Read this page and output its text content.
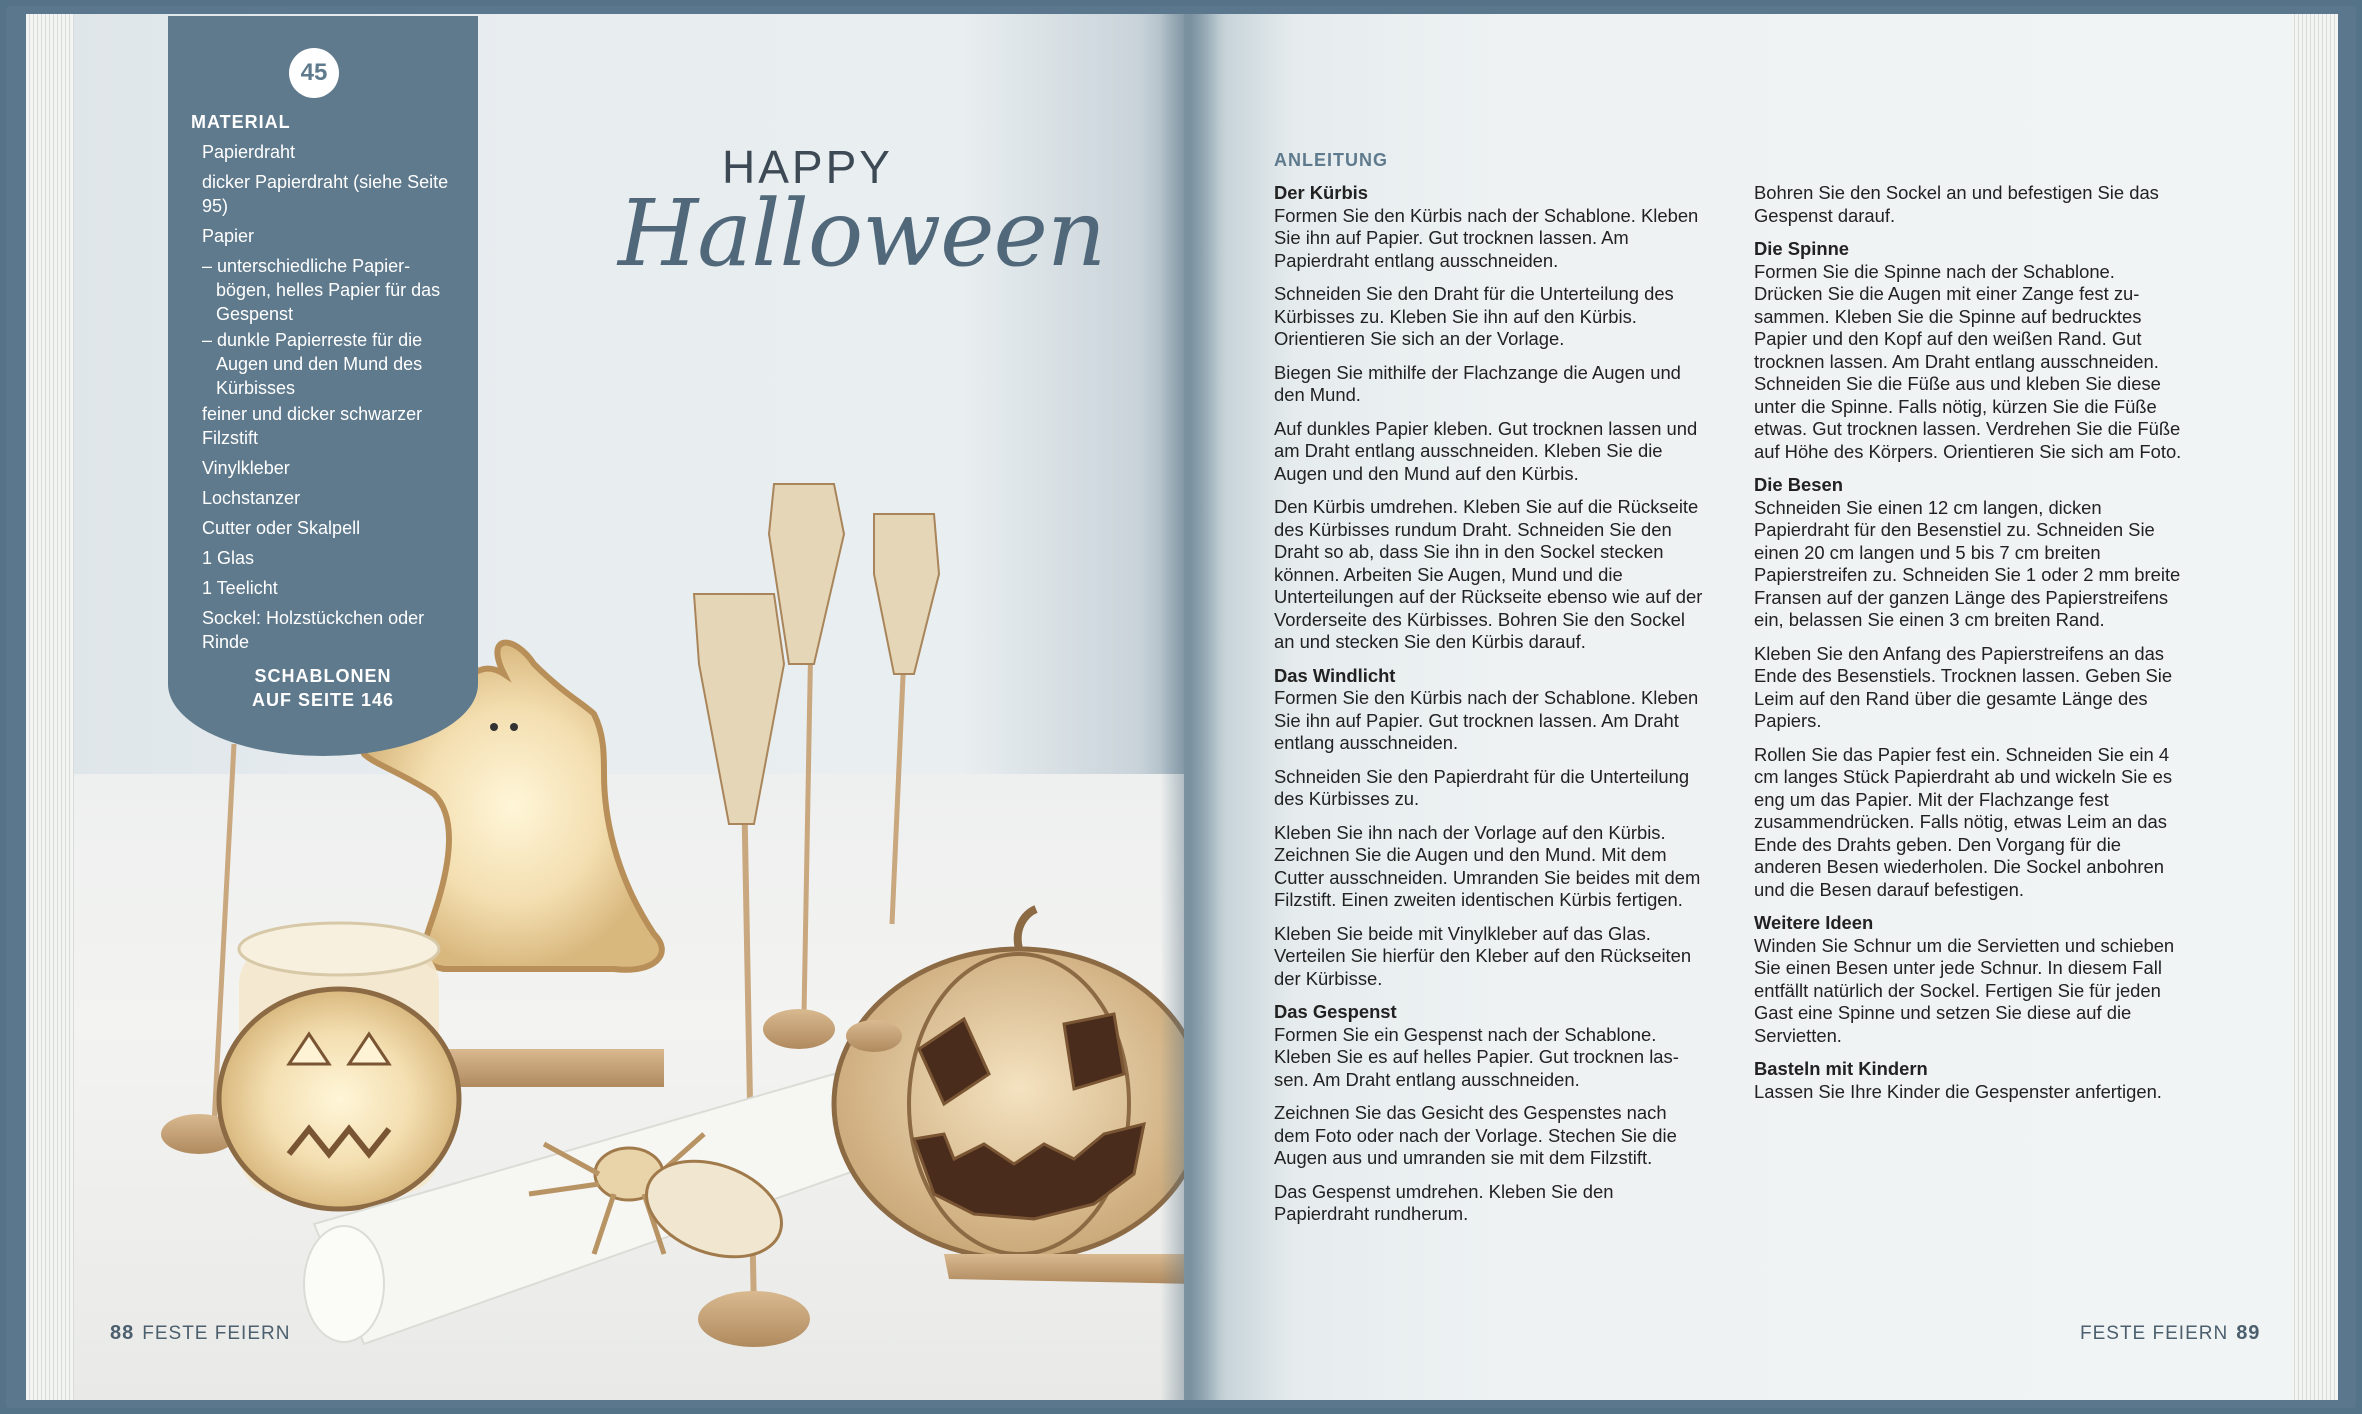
45
MATERIAL
Papierdraht
dicker Papierdraht (siehe Seite 95)
Papier
– unterschiedliche Papierbögen, helles Papier für das Gespenst
– dunkle Papierreste für die Augen und den Mund des Kürbisses
feiner und dicker schwarzer Filzstift
Vinylkleber
Lochstanzer
Cutter oder Skalpell
1 Glas
1 Teelicht
Sockel: Holzstückchen oder Rinde
SCHABLONEN
AUF SEITE 146
HAPPY
Halloween
88 FESTE FEIERN
ANLEITUNG
Der Kürbis

Formen Sie den Kürbis nach der Schablone. Kleben Sie ihn auf Papier. Gut trocknen lassen. Am Papierdraht entlang ausschneiden.

Schneiden Sie den Draht für die Unterteilung des Kürbisses zu. Kleben Sie ihn auf den Kürbis. Orientieren Sie sich an der Vorlage.

Biegen Sie mithilfe der Flachzange die Augen und den Mund.

Auf dunkles Papier kleben. Gut trocknen lassen und am Draht entlang ausschneiden. Kleben Sie die Augen und den Mund auf den Kürbis.

Den Kürbis umdrehen. Kleben Sie auf die Rückseite des Kürbisses rundum Draht. Schneiden Sie den Draht so ab, dass Sie ihn in den Sockel stecken können. Arbeiten Sie Augen, Mund und die Unterteilungen auf der Rückseite ebenso wie auf der Vorderseite des Kürbisses. Bohren Sie den Sockel an und stecken Sie den Kürbis darauf.

Das Windlicht

Formen Sie den Kürbis nach der Schablone. Kleben Sie ihn auf Papier. Gut trocknen lassen. Am Draht entlang ausschneiden.

Schneiden Sie den Papierdraht für die Unterteilung des Kürbisses zu.

Kleben Sie ihn nach der Vorlage auf den Kürbis. Zeichnen Sie die Augen und den Mund. Mit dem Cutter ausschneiden. Umranden Sie beides mit dem Filzstift. Einen zweiten identischen Kürbis fertigen.

Kleben Sie beide mit Vinylkleber auf das Glas. Verteilen Sie hierfür den Kleber auf den Rückseiten der Kürbisse.

Das Gespenst

Formen Sie ein Gespenst nach der Schablone. Kleben Sie es auf helles Papier. Gut trocknen lassen. Am Draht entlang ausschneiden.

Zeichnen Sie das Gesicht des Gespenstes nach dem Foto oder nach der Vorlage. Stechen Sie die Augen aus und umranden sie mit dem Filzstift.

Das Gespenst umdrehen. Kleben Sie den Papierdraht rundherum.

Bohren Sie den Sockel an und befestigen Sie das Gespenst darauf.

Die Spinne

Formen Sie die Spinne nach der Schablone. Drücken Sie die Augen mit einer Zange fest zusammen. Kleben Sie die Spinne auf bedrucktes Papier und den Kopf auf den weißen Rand. Gut trocknen lassen. Am Draht entlang ausschneiden. Schneiden Sie die Füße aus und kleben Sie diese unter die Spinne. Falls nötig, kürzen Sie die Füße etwas. Gut trocknen lassen. Verdrehen Sie die Füße auf Höhe des Körpers. Orientieren Sie sich am Foto.

Die Besen

Schneiden Sie einen 12 cm langen, dicken Papierdraht für den Besenstiel zu. Schneiden Sie einen 20 cm langen und 5 bis 7 cm breiten Papierstreifen zu. Schneiden Sie 1 oder 2 mm breite Fransen auf der ganzen Länge des Papierstreifens ein, belassen Sie einen 3 cm breiten Rand.

Kleben Sie den Anfang des Papierstreifens an das Ende des Besenstiels. Trocknen lassen. Geben Sie Leim auf den Rand über die gesamte Länge des Papiers.

Rollen Sie das Papier fest ein. Schneiden Sie ein 4 cm langes Stück Papierdraht ab und wickeln Sie es eng um das Papier. Mit der Flachzange fest zusammendrücken. Falls nötig, etwas Leim an das Ende des Drahts geben. Den Vorgang für die anderen Besen wiederholen. Die Sockel anbohren und die Besen darauf befestigen.

Weitere Ideen

Winden Sie Schnur um die Servietten und schieben Sie einen Besen unter jede Schnur. In diesem Fall entfällt natürlich der Sockel. Fertigen Sie für jeden Gast eine Spinne und setzen Sie diese auf die Servietten.

Basteln mit Kindern

Lassen Sie Ihre Kinder die Gespenster anfertigen.

FESTE FEIERN 89
